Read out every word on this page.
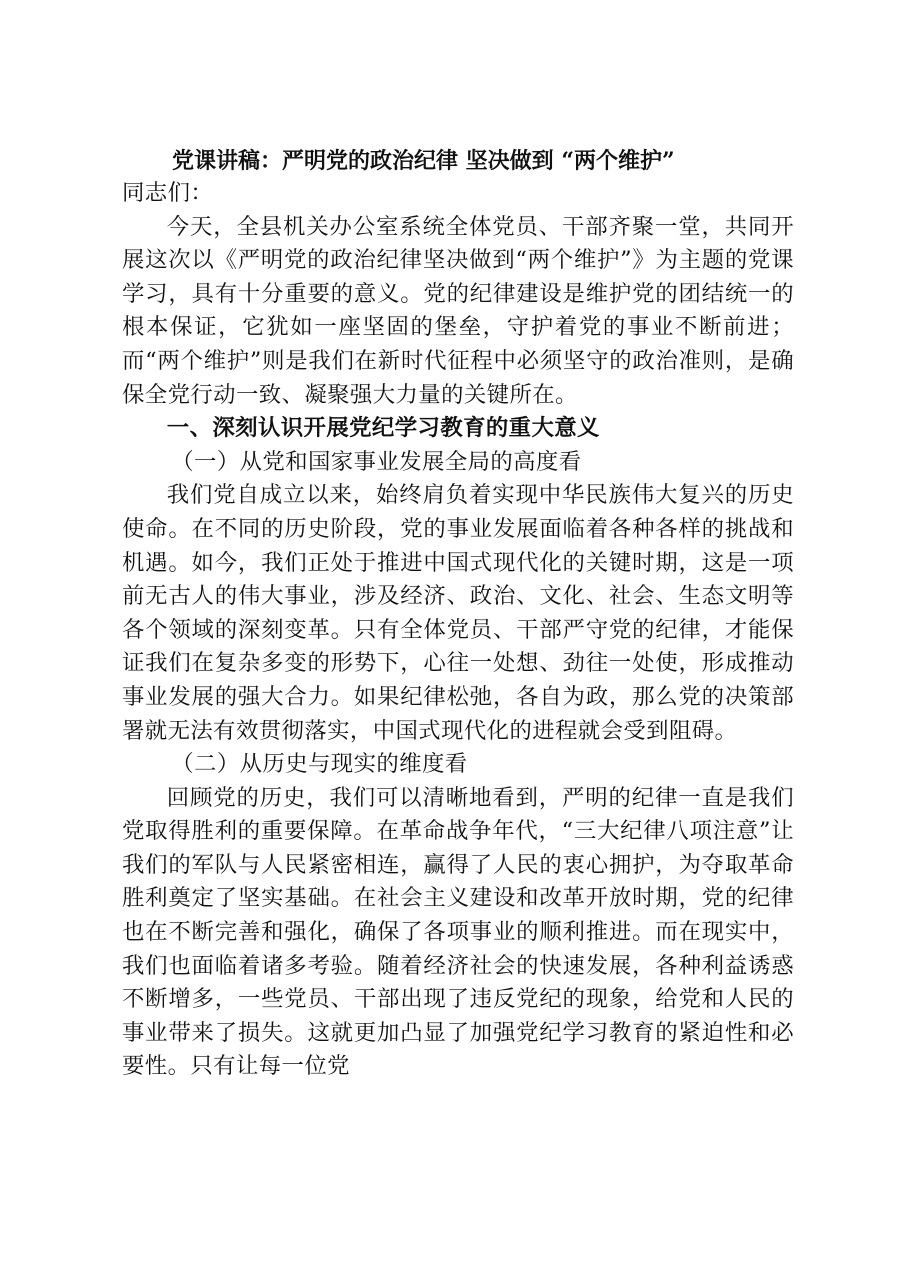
党课讲稿：严明党的政治纪律 坚决做到 “两个维护”

同志们：

今天，全县机关办公室系统全体党员、干部齐聚一堂，共同开展这次以《严明党的政治纪律坚决做到“两个维护”》为主题的党课学习，具有十分重要的意义。党的纪律建设是维护党的团结统一的根本保证，它犹如一座坚固的堡垒，守护着党的事业不断前进；而“两个维护”则是我们在新时代征程中必须坚守的政治准则，是确保全党行动一致、凝聚强大力量的关键所在。

一、深刻认识开展党纪学习教育的重大意义

（一）从党和国家事业发展全局的高度看

我们党自成立以来，始终肩负着实现中华民族伟大复兴的历史使命。在不同的历史阶段，党的事业发展面临着各种各样的挑战和机遇。如今，我们正处于推进中国式现代化的关键时期，这是一项前无古人的伟大事业，涉及经济、政治、文化、社会、生态文明等各个领域的深刻变革。只有全体党员、干部严守党的纪律，才能保证我们在复杂多变的形势下，心往一处想、劲往一处使，形成推动事业发展的强大合力。如果纪律松弛，各自为政，那么党的决策部署就无法有效贯彻落实，中国式现代化的进程就会受到阻碍。

（二）从历史与现实的维度看

回顾党的历史，我们可以清晰地看到，严明的纪律一直是我们党取得胜利的重要保障。在革命战争年代，“三大纪律八项注意”让我们的军队与人民紧密相连，赢得了人民的衷心拥护，为夺取革命胜利奠定了坚实基础。在社会主义建设和改革开放时期，党的纪律也在不断完善和强化，确保了各项事业的顺利推进。而在现实中，我们也面临着诸多考验。随着经济社会的快速发展，各种利益诱惑不断增多，一些党员、干部出现了违反党纪的现象，给党和人民的事业带来了损失。这就更加凸显了加强党纪学习教育的紧迫性和必要性。只有让每一位党
